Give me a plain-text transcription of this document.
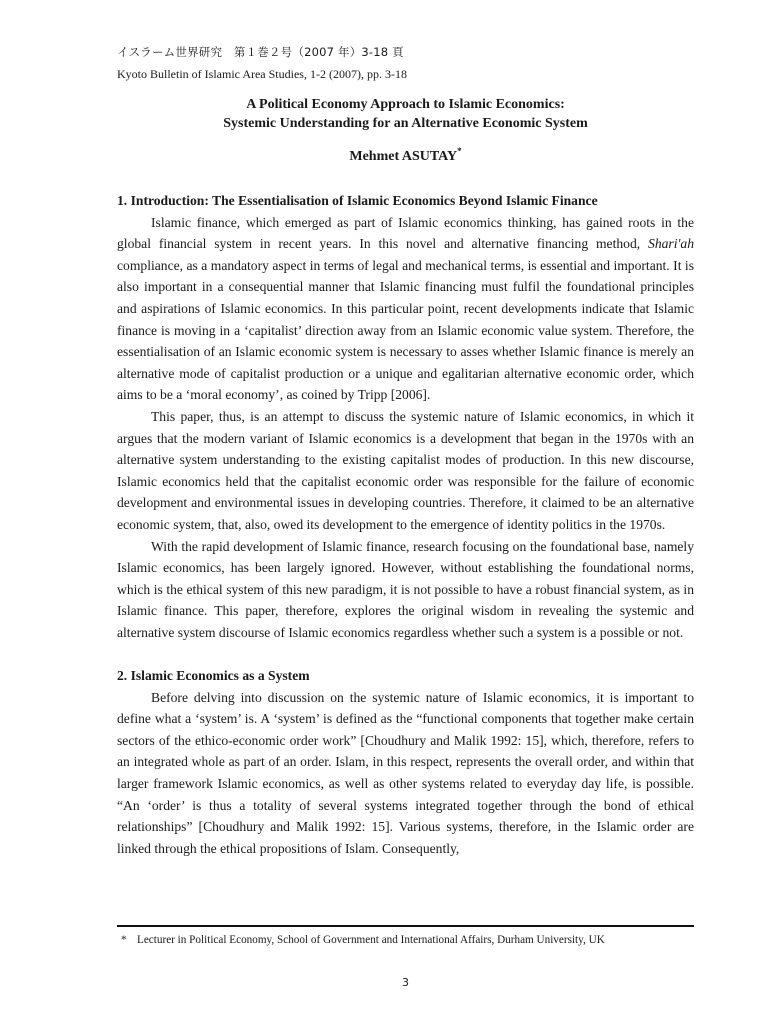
イスラーム世界研究　第１巻２号（2007 年）3-18 頁
Kyoto Bulletin of Islamic Area Studies, 1-2 (2007), pp. 3-18
A Political Economy Approach to Islamic Economics:
Systemic Understanding for an Alternative Economic System
Mehmet ASUTAY*
1. Introduction: The Essentialisation of Islamic Economics Beyond Islamic Finance

Islamic finance, which emerged as part of Islamic economics thinking, has gained roots in the global financial system in recent years. In this novel and alternative financing method, Shari'ah compliance, as a mandatory aspect in terms of legal and mechanical terms, is essential and important. It is also important in a consequential manner that Islamic financing must fulfil the foundational principles and aspirations of Islamic economics. In this particular point, recent developments indicate that Islamic finance is moving in a ‘capitalist’ direction away from an Islamic economic value system. Therefore, the essentialisation of an Islamic economic system is necessary to asses whether Islamic finance is merely an alternative mode of capitalist production or a unique and egalitarian alternative economic order, which aims to be a ‘moral economy’, as coined by Tripp [2006].

This paper, thus, is an attempt to discuss the systemic nature of Islamic economics, in which it argues that the modern variant of Islamic economics is a development that began in the 1970s with an alternative system understanding to the existing capitalist modes of production. In this new discourse, Islamic economics held that the capitalist economic order was responsible for the failure of economic development and environmental issues in developing countries. Therefore, it claimed to be an alternative economic system, that, also, owed its development to the emergence of identity politics in the 1970s.

With the rapid development of Islamic finance, research focusing on the foundational base, namely Islamic economics, has been largely ignored. However, without establishing the foundational norms, which is the ethical system of this new paradigm, it is not possible to have a robust financial system, as in Islamic finance. This paper, therefore, explores the original wisdom in revealing the systemic and alternative system discourse of Islamic economics regardless whether such a system is a possible or not.

2. Islamic Economics as a System

Before delving into discussion on the systemic nature of Islamic economics, it is important to define what a ‘system’ is. A ‘system’ is defined as the “functional components that together make certain sectors of the ethico-economic order work” [Choudhury and Malik 1992: 15], which, therefore, refers to an integrated whole as part of an order. Islam, in this respect, represents the overall order, and within that larger framework Islamic economics, as well as other systems related to everyday day life, is possible. “An ‘order’ is thus a totality of several systems integrated together through the bond of ethical relationships” [Choudhury and Malik 1992: 15]. Various systems, therefore, in the Islamic order are linked through the ethical propositions of Islam. Consequently,

* Lecturer in Political Economy, School of Government and International Affairs, Durham University, UK
3
